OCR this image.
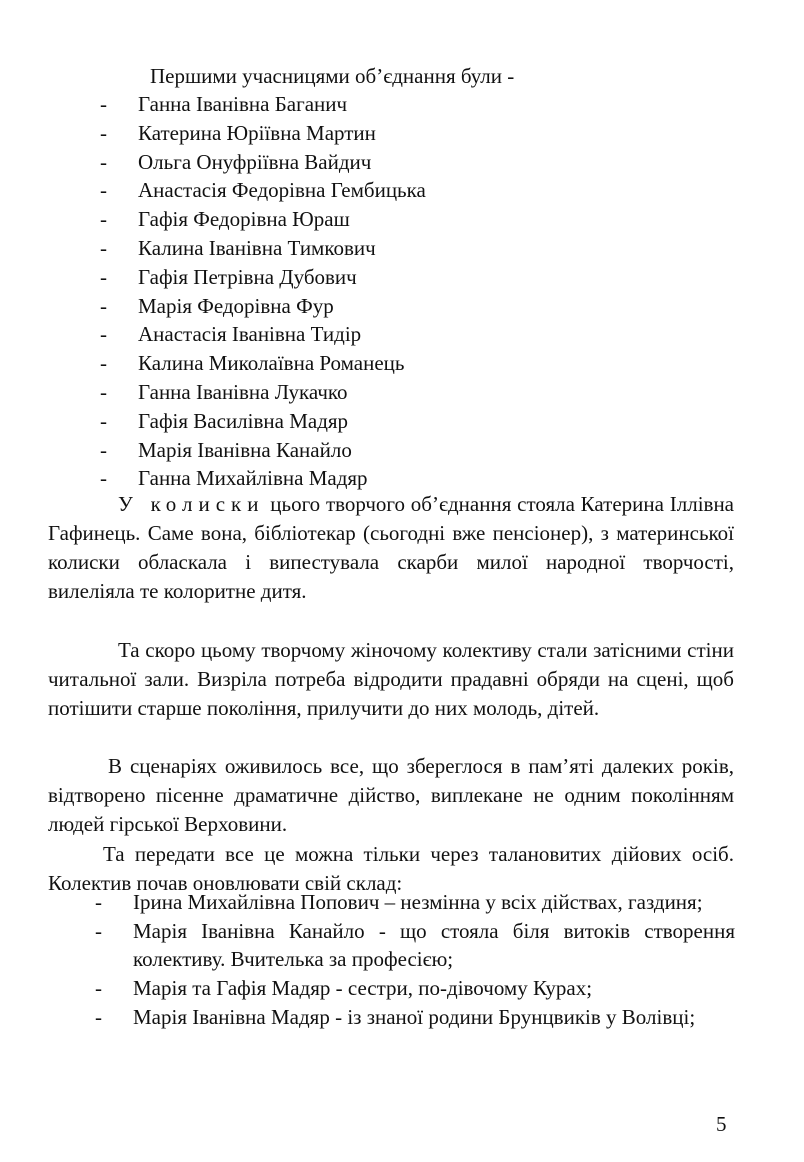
Першими учасницями об’єднання були -
- Ганна Іванівна Баганич
- Катерина Юріївна Мартин
- Ольга Онуфріївна Вайдич
- Анастасія Федорівна Гембицька
- Гафія Федорівна Юраш
- Калина Іванівна Тимкович
- Гафія Петрівна Дубович
- Марія Федорівна Фур
- Анастасія Іванівна Тидір
- Калина Миколаївна Романець
- Ганна Іванівна Лукачко
- Гафія Василівна Мадяр
- Марія Іванівна Канайло
- Ганна Михайлівна Мадяр

У колиски цього творчого об’єднання стояла Катерина Іллівна Гафинець. Саме вона, бібліотекар (сьогодні вже пенсіонер), з материнської колиски обласкала і випестувала скарби милої народної творчості, вилеліяла те колоритне дитя.

Та скоро цьому творчому жіночому колективу стали затісними стіни читальної зали. Визріла потреба відродити прадавні обряди на сцені, щоб потішити старше покоління, прилучити до них молодь, дітей.

В сценаріях оживилось все, що збереглося в пам’яті далеких років, відтворено пісенне драматичне дійство, виплекане не одним поколінням людей гірської Верховини.

Та передати все це можна тільки через талановитих дійових осіб. Колектив почав оновлювати свій склад:

- Ірина Михайлівна Попович – незмінна у всіх дійствах, газдиня;
- Марія Іванівна Канайло - що стояла біля витоків створення колективу. Вчителька за професією;
- Марія та Гафія Мадяр - сестри, по-дівочому Курах;
- Марія Іванівна Мадяр - із знаної родини Брунцвиків у Волівці;
5
